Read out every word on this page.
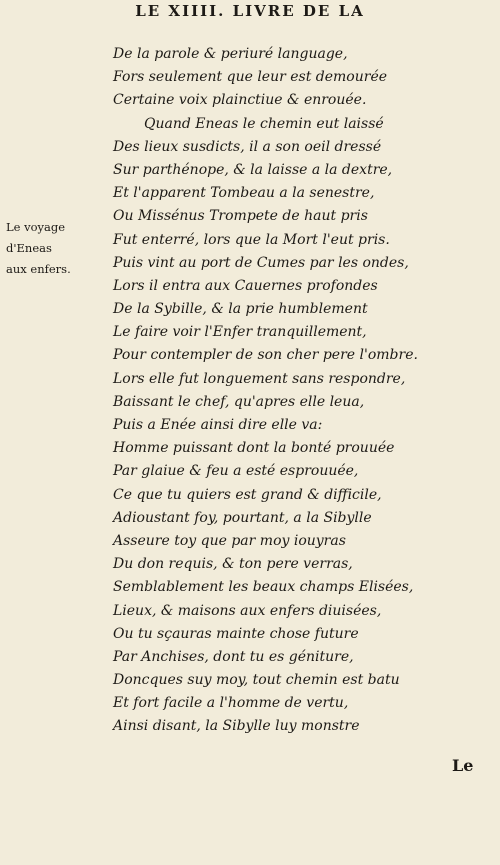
LE XIIII. LIVRE DE LA
Le voyage
d'Eneas
aux enfers.
De la parole & periuré language,
Fors seulement que leur est demourée
Certaine voix plainctiue & enrouée.
Quand Eneas le chemin eut laissé
Des lieux susdicts, il a son oeil dressé
Sur parthénope, & la laisse a la dextre,
Et l'apparent Tombeau a la senestre,
Ou Missénus Trompete de haut pris
Fut enterré, lors que la Mort l'eut pris.
Puis vint au port de Cumes par les ondes,
Lors il entra aux Cauernes profondes
De la Sybille, & la prie humblement
Le faire voir l'Enfer tranquillement,
Pour contempler de son cher pere l'ombre.
Lors elle fut longuement sans respondre,
Baissant le chef, qu'apres elle leua,
Puis a Enée ainsi dire elle va:
Homme puissant dont la bonté prouuée
Par glaiue & feu a esté esprouuée,
Ce que tu quiers est grand & difficile,
Adioustant foy, pourtant, a la Sibylle
Asseure toy que par moy iouyras
Du don requis, & ton pere verras,
Semblablement les beaux champs Elisées,
Lieux, & maisons aux enfers diuisées,
Ou tu sçauras mainte chose future
Par Anchises, dont tu es géniture,
Doncques suy moy, tout chemin est batu
Et fort facile a l'homme de vertu,
Ainsi disant, la Sibylle luy monstre
Le
